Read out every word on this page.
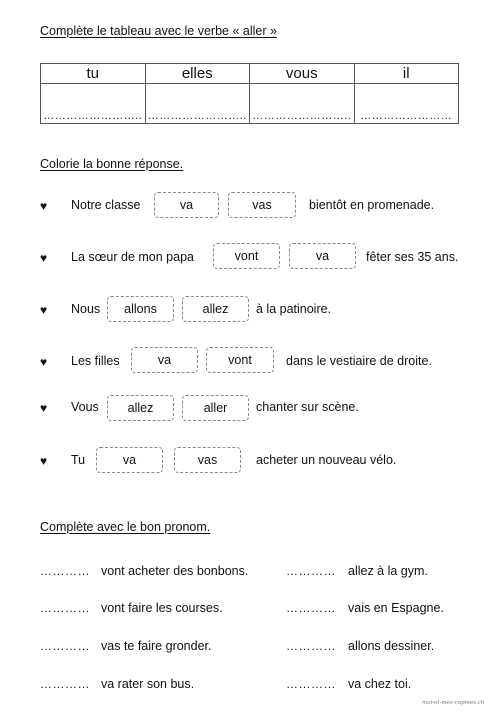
Complète le tableau avec le verbe « aller »
tu	elles	vous	il
……………………..	……………………..	……………………..	……………………
Colorie la bonne réponse.
♥ Notre classe	va	vas	bientôt en promenade.
♥ La sœur de mon papa	vont	va	fêter ses 35 ans.
♥ Nous	allons	allez	à la patinoire.
♥ Les filles	va	vont	dans le vestiaire de droite.
♥ Vous	allez	aller	chanter sur scène.
♥ Tu	va	vas	acheter un nouveau vélo.
Complète avec le bon pronom.
………… vont acheter des bonbons.
………… vont faire les courses.
………… vas te faire gronder.
………… va rater son bus.
………… allez à la gym.
………… vais en Espagne.
………… allons dessiner.
………… va chez toi.
moi-et-mes-copines.ch
